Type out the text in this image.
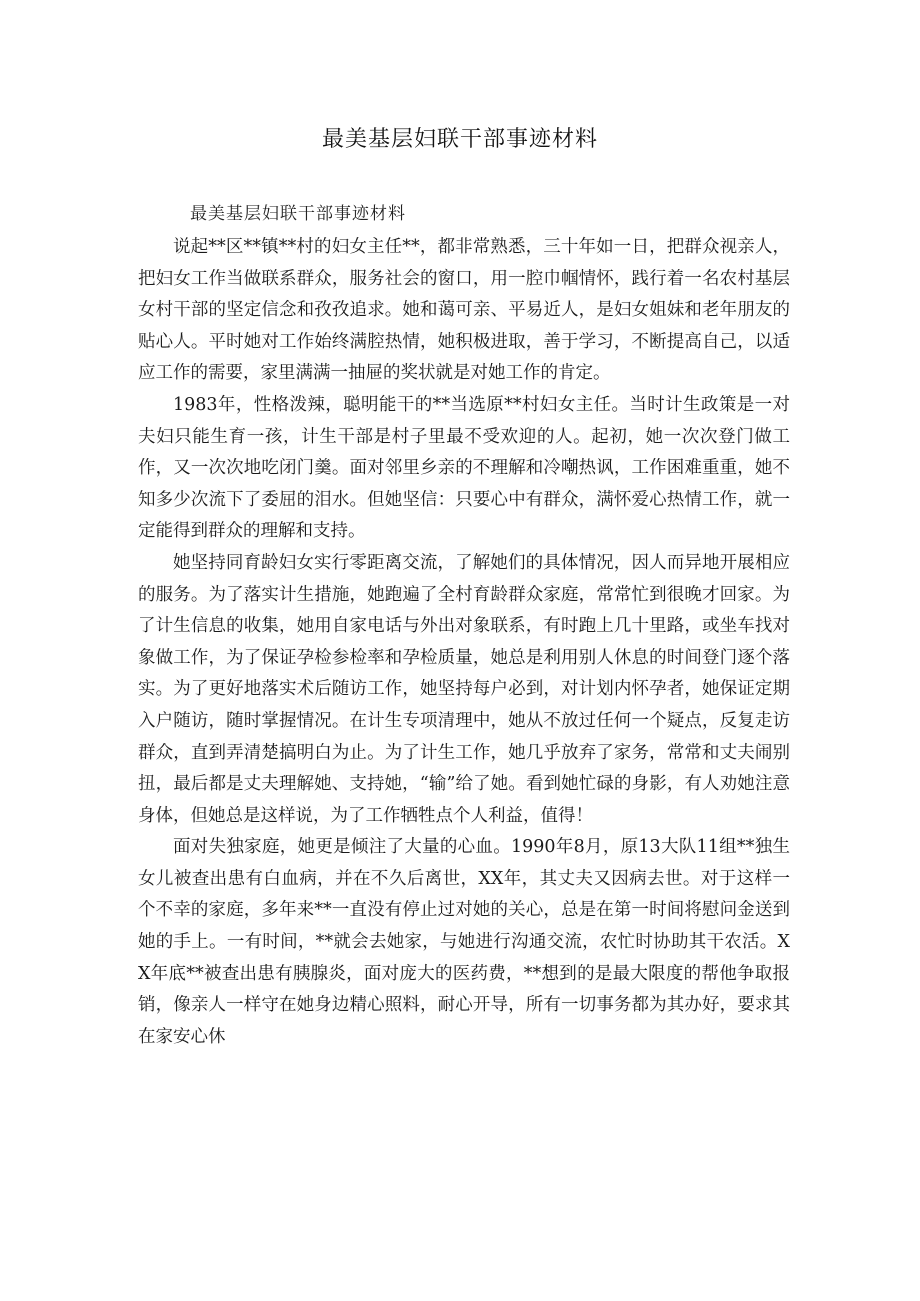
最美基层妇联干部事迹材料
最美基层妇联干部事迹材料

说起**区**镇**村的妇女主任**，都非常熟悉，三十年如一日，把群众视亲人，把妇女工作当做联系群众，服务社会的窗口，用一腔巾帼情怀，践行着一名农村基层女村干部的坚定信念和孜孜追求。她和蔼可亲、平易近人，是妇女姐妹和老年朋友的贴心人。平时她对工作始终满腔热情，她积极进取，善于学习，不断提高自己，以适应工作的需要，家里满满一抽屉的奖状就是对她工作的肯定。

1983年，性格泼辣，聪明能干的**当选原**村妇女主任。当时计生政策是一对夫妇只能生育一孩，计生干部是村子里最不受欢迎的人。起初，她一次次登门做工作，又一次次地吃闭门羹。面对邻里乡亲的不理解和冷嘲热讽，工作困难重重，她不知多少次流下了委屈的泪水。但她坚信：只要心中有群众，满怀爱心热情工作，就一定能得到群众的理解和支持。

她坚持同育龄妇女实行零距离交流，了解她们的具体情况，因人而异地开展相应的服务。为了落实计生措施，她跑遍了全村育龄群众家庭，常常忙到很晚才回家。为了计生信息的收集，她用自家电话与外出对象联系，有时跑上几十里路，或坐车找对象做工作，为了保证孕检参检率和孕检质量，她总是利用别人休息的时间登门逐个落实。为了更好地落实术后随访工作，她坚持每户必到，对计划内怀孕者，她保证定期入户随访，随时掌握情况。在计生专项清理中，她从不放过任何一个疑点，反复走访群众，直到弄清楚搞明白为止。为了计生工作，她几乎放弃了家务，常常和丈夫闹别扭，最后都是丈夫理解她、支持她，“输”给了她。看到她忙碌的身影，有人劝她注意身体，但她总是这样说，为了工作牺牲点个人利益，值得！

面对失独家庭，她更是倾注了大量的心血。1990年8月，原13大队11组**独生女儿被查出患有白血病，并在不久后离世，XX年，其丈夫又因病去世。对于这样一个不幸的家庭，多年来**一直没有停止过对她的关心，总是在第一时间将慰问金送到她的手上。一有时间，**就会去她家，与她进行沟通交流，农忙时协助其干农活。XX年底**被查出患有胰腺炎，面对庞大的医药费，**想到的是最大限度的帮他争取报销，像亲人一样守在她身边精心照料，耐心开导，所有一切事务都为其办好，要求其在家安心休
